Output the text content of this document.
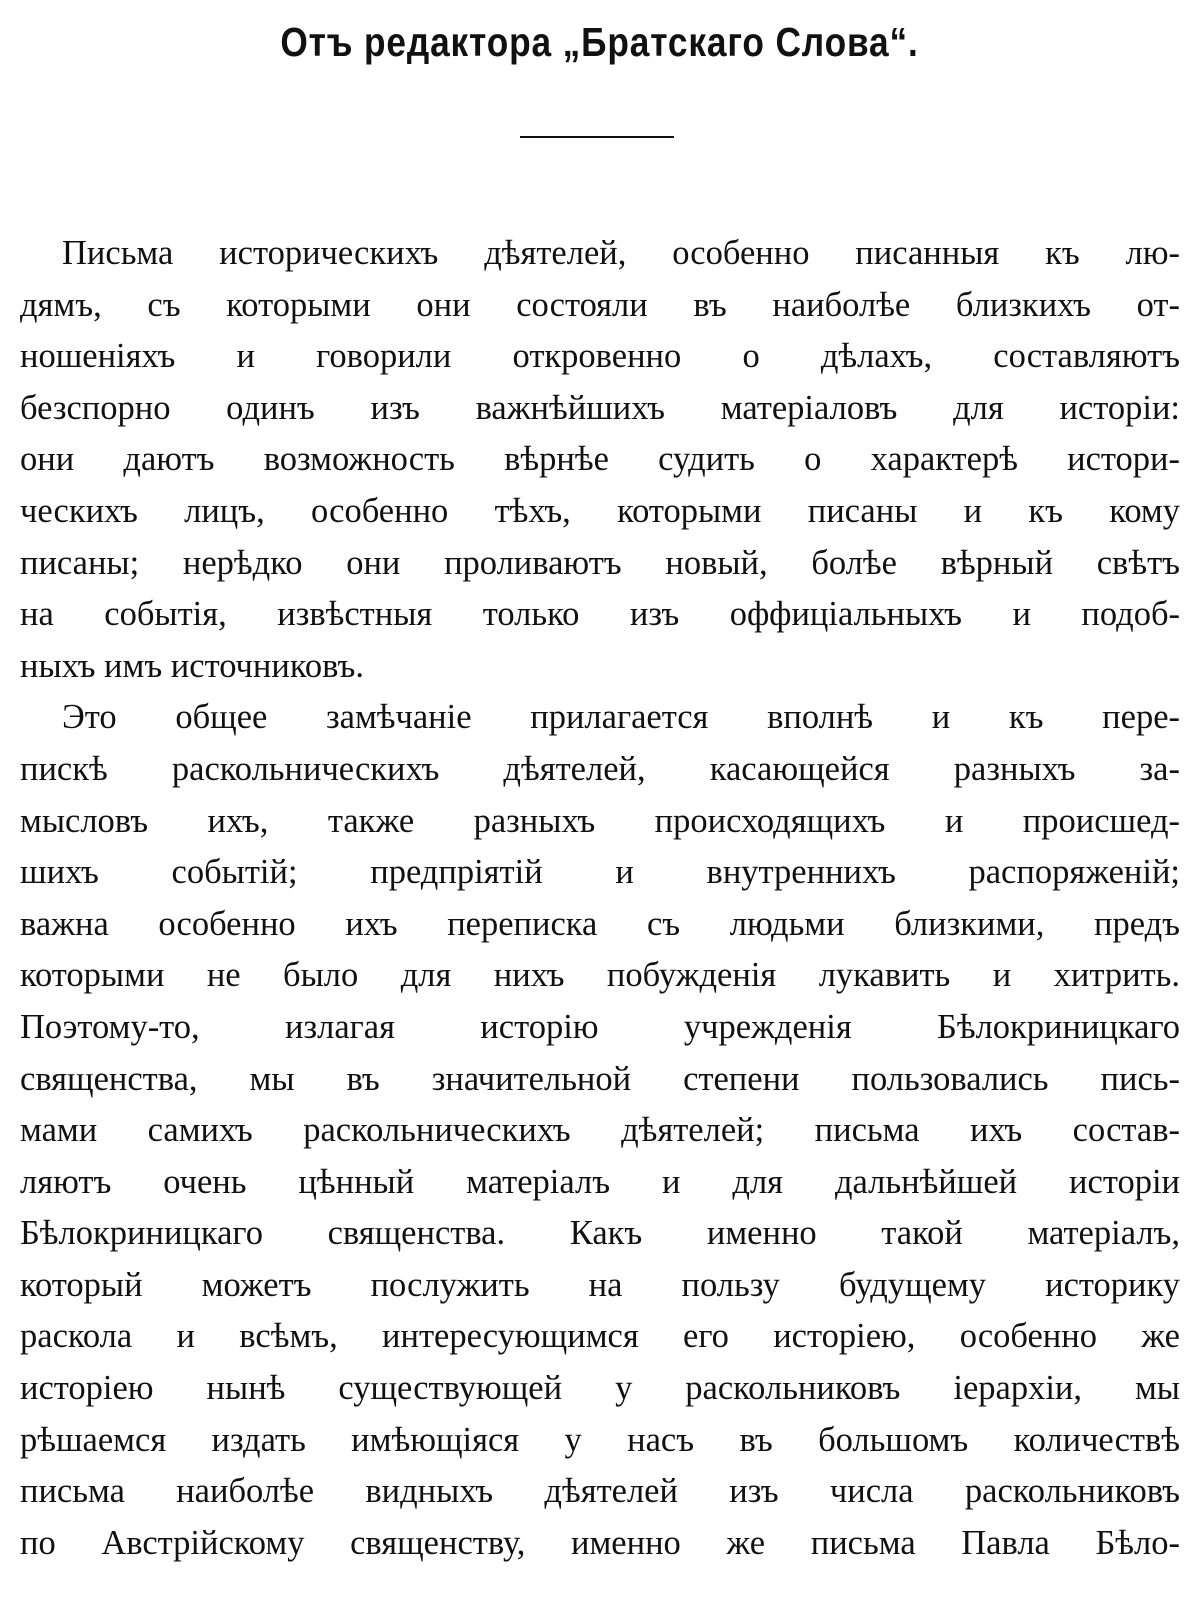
Отъ редактора „Братскаго Слова“.
Письма историческихъ дѣятелей, особенно писанныя къ лю-
дямъ, съ которыми они состояли въ наиболѣе близкихъ от-
ношеніяхъ и говорили откровенно о дѣлахъ, составляютъ
безспорно одинъ изъ важнѣйшихъ матеріаловъ для исторіи:
они даютъ возможность вѣрнѣе судить о характерѣ истори-
ческихъ лицъ, особенно тѣхъ, которыми писаны и къ кому
писаны; нерѣдко они проливаютъ новый, болѣе вѣрный свѣтъ
на событія, извѣстныя только изъ оффиціальныхъ и подоб-
ныхъ имъ источниковъ.
Это общее замѣчаніе прилагается вполнѣ и къ пере-
пискѣ раскольническихъ дѣятелей, касающейся разныхъ за-
мысловъ ихъ, также разныхъ происходящихъ и происшед-
шихъ событій; предпріятій и внутреннихъ распоряженій;
важна особенно ихъ переписка съ людьми близкими, предъ
которыми не было для нихъ побужденія лукавить и хитрить.
Поэтому-то, излагая исторію учрежденія Бѣлокриницкаго
священства, мы въ значительной степени пользовались пись-
мами самихъ раскольническихъ дѣятелей; письма ихъ состав-
ляютъ очень цѣнный матеріалъ и для дальнѣйшей исторіи
Бѣлокриницкаго священства. Какъ именно такой матеріалъ,
который можетъ послужить на пользу будущему историку
раскола и всѣмъ, интересующимся его исторіею, особенно же
исторіею нынѣ существующей у раскольниковъ іерархіи, мы
рѣшаемся издать имѣющіяся у насъ въ большомъ количествѣ
письма наиболѣе видныхъ дѣятелей изъ числа раскольниковъ
по Австрійскому священству, именно же письма Павла Бѣло-
